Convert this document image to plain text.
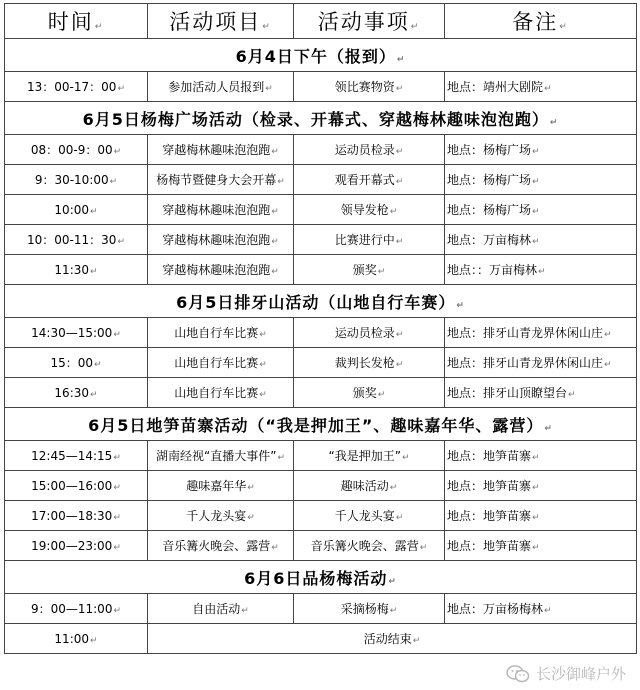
时间↵	活动项目↵	活动事项↵	备注↵
6月4日下午（报到）↵			
13：00-17：00↵	参加活动人员报到↵	领比赛物资↵	地点：靖州大剧院↵
6月5日杨梅广场活动（检录、开幕式、穿越梅林趣味泡泡跑）↵			
08：00-9：00↵	穿越梅林趣味泡泡跑↵	运动员检录↵	地点：杨梅广场↵
9：30-10:00↵	杨梅节暨健身大会开幕↵	观看开幕式↵	地点：杨梅广场↵
10:00↵	穿越梅林趣味泡泡跑↵	领导发枪↵	地点：杨梅广场↵
10：00-11：30↵	穿越梅林趣味泡泡跑↵	比赛进行中↵	地点：万亩梅林↵
11:30↵	穿越梅林趣味泡泡跑↵	颁奖↵	地点：：万亩梅林↵
6月5日排牙山活动（山地自行车赛）↵			
14:30—15:00↵	山地自行车比赛↵	运动员检录↵	地点：排牙山青龙界休闲山庄↵
15：00↵	山地自行车比赛↵	裁判长发枪↵	地点：排牙山青龙界休闲山庄↵
16:30↵	山地自行车比赛↵	颁奖↵	地点：排牙山顶瞭望台↵
6月5日地笋苗寨活动（“我是押加王”、趣味嘉年华、露营）↵			
12:45—14:15↵	湖南经视“直播大事件”↵	“我是押加王”↵	地点：地笋苗寨↵
15:00—16:00↵	趣味嘉年华↵	趣味活动↵	地点：地笋苗寨↵
17:00—18:30↵	千人龙头宴↵	千人龙头宴↵	地点：地笋苗寨↵
19:00—23:00↵	音乐篝火晚会、露营↵	音乐篝火晚会、露营↵	地点：地笋苗寨↵
6月6日品杨梅活动↵			
9：00—11:00↵	自由活动↵	采摘杨梅↵	地点：万亩杨梅林↵
11:00↵	活动结束↵		
长沙御峰户外
